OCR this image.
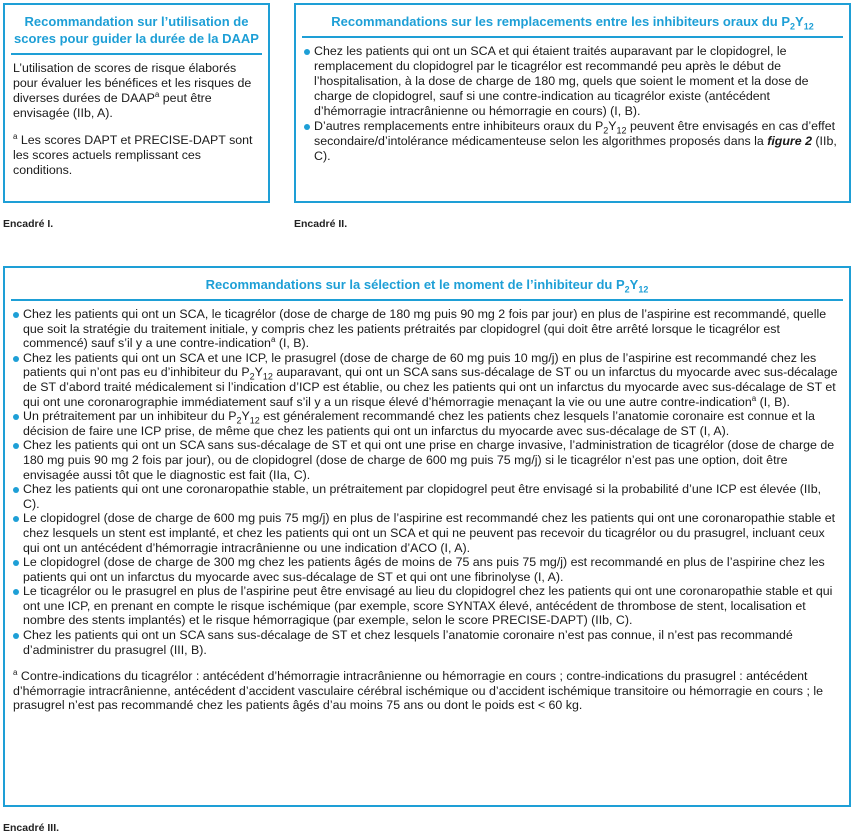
Recommandation sur l’utilisation de scores pour guider la durée de la DAAP
L’utilisation de scores de risque élaborés pour évaluer les bénéfices et les risques de diverses durées de DAAP$^a$ peut être envisagée (IIb, A).
$^a$ Les scores DAPT et PRECISE-DAPT sont les scores actuels remplissant ces conditions.
Encadré I.
Recommandations sur les remplacements entre les inhibiteurs oraux du $P_2Y_{12}$
Chez les patients qui ont un SCA et qui étaient traités auparavant par le clopidogrel, le remplacement du clopidogrel par le ticagrélor est recommandé peu après le début de l’hospitalisation, à la dose de charge de 180 mg, quels que soient le moment et la dose de charge de clopidogrel, sauf si une contre-indication au ticagrélor existe (antécédent d’hémorragie intracrânienne ou hémorragie en cours) (I, B).
D’autres remplacements entre inhibiteurs oraux du $P_2Y_{12}$ peuvent être envisagés en cas d’effet secondaire/d’intolérance médicamenteuse selon les algorithmes proposés dans la figure 2 (IIb, C).
Encadré II.
Recommandations sur la sélection et le moment de l’inhibiteur du $P_2Y_{12}$
Chez les patients qui ont un SCA, le ticagrélor (dose de charge de 180 mg puis 90 mg 2 fois par jour) en plus de l’aspirine est recommandé, quelle que soit la stratégie du traitement initiale, y compris chez les patients prétraités par clopidogrel (qui doit être arrêté lorsque le ticagrélor est commencé) sauf s’il y a une contre-indication$^a$ (I, B).
Chez les patients qui ont un SCA et une ICP, le prasugrel (dose de charge de 60 mg puis 10 mg/j) en plus de l’aspirine est recommandé chez les patients qui n’ont pas eu d’inhibiteur du $P_2Y_{12}$ auparavant, qui ont un SCA sans sus-décalage de ST ou un infarctus du myocarde avec sus-décalage de ST d’abord traité médicalement si l’indication d’ICP est établie, ou chez les patients qui ont un infarctus du myocarde avec sus-décalage de ST et qui ont une coronarographie immédiatement sauf s’il y a un risque élevé d’hémorragie menaçant la vie ou une autre contre-indication$^a$ (I, B).
Un prétraitement par un inhibiteur du $P_2Y_{12}$ est généralement recommandé chez les patients chez lesquels l’anatomie coronaire est connue et la décision de faire une ICP prise, de même que chez les patients qui ont un infarctus du myocarde avec sus-décalage de ST (I, A).
Chez les patients qui ont un SCA sans sus-décalage de ST et qui ont une prise en charge invasive, l’administration de ticagrélor (dose de charge de 180 mg puis 90 mg 2 fois par jour), ou de clopidogrel (dose de charge de 600 mg puis 75 mg/j) si le ticagrélor n’est pas une option, doit être envisagée aussi tôt que le diagnostic est fait (IIa, C).
Chez les patients qui ont une coronaropathie stable, un prétraitement par clopidogrel peut être envisagé si la probabilité d’une ICP est élevée (IIb, C).
Le clopidogrel (dose de charge de 600 mg puis 75 mg/j) en plus de l’aspirine est recommandé chez les patients qui ont une coronaropathie stable et chez lesquels un stent est implanté, et chez les patients qui ont un SCA et qui ne peuvent pas recevoir du ticagrélor ou du prasugrel, incluant ceux qui ont un antécédent d’hémorragie intracrânienne ou une indication d’ACO (I, A).
Le clopidogrel (dose de charge de 300 mg chez les patients âgés de moins de 75 ans puis 75 mg/j) est recommandé en plus de l’aspirine chez les patients qui ont un infarctus du myocarde avec sus-décalage de ST et qui ont une fibrinolyse (I, A).
Le ticagrélor ou le prasugrel en plus de l’aspirine peut être envisagé au lieu du clopidogrel chez les patients qui ont une coronaropathie stable et qui ont une ICP, en prenant en compte le risque ischémique (par exemple, score SYNTAX élevé, antécédent de thrombose de stent, localisation et nombre des stents implantés) et le risque hémorragique (par exemple, selon le score PRECISE-DAPT) (IIb, C).
Chez les patients qui ont un SCA sans sus-décalage de ST et chez lesquels l’anatomie coronaire n’est pas connue, il n’est pas recommandé d’administrer du prasugrel (III, B).
$^a$ Contre-indications du ticagrélor : antécédent d’hémorragie intracrânienne ou hémorragie en cours ; contre-indications du prasugrel : antécédent d’hémorragie intracrânienne, antécédent d’accident vasculaire cérébral ischémique ou d’accident ischémique transitoire ou hémorragie en cours ; le prasugrel n’est pas recommandé chez les patients âgés d’au moins 75 ans ou dont le poids est < 60 kg.
Encadré III.
